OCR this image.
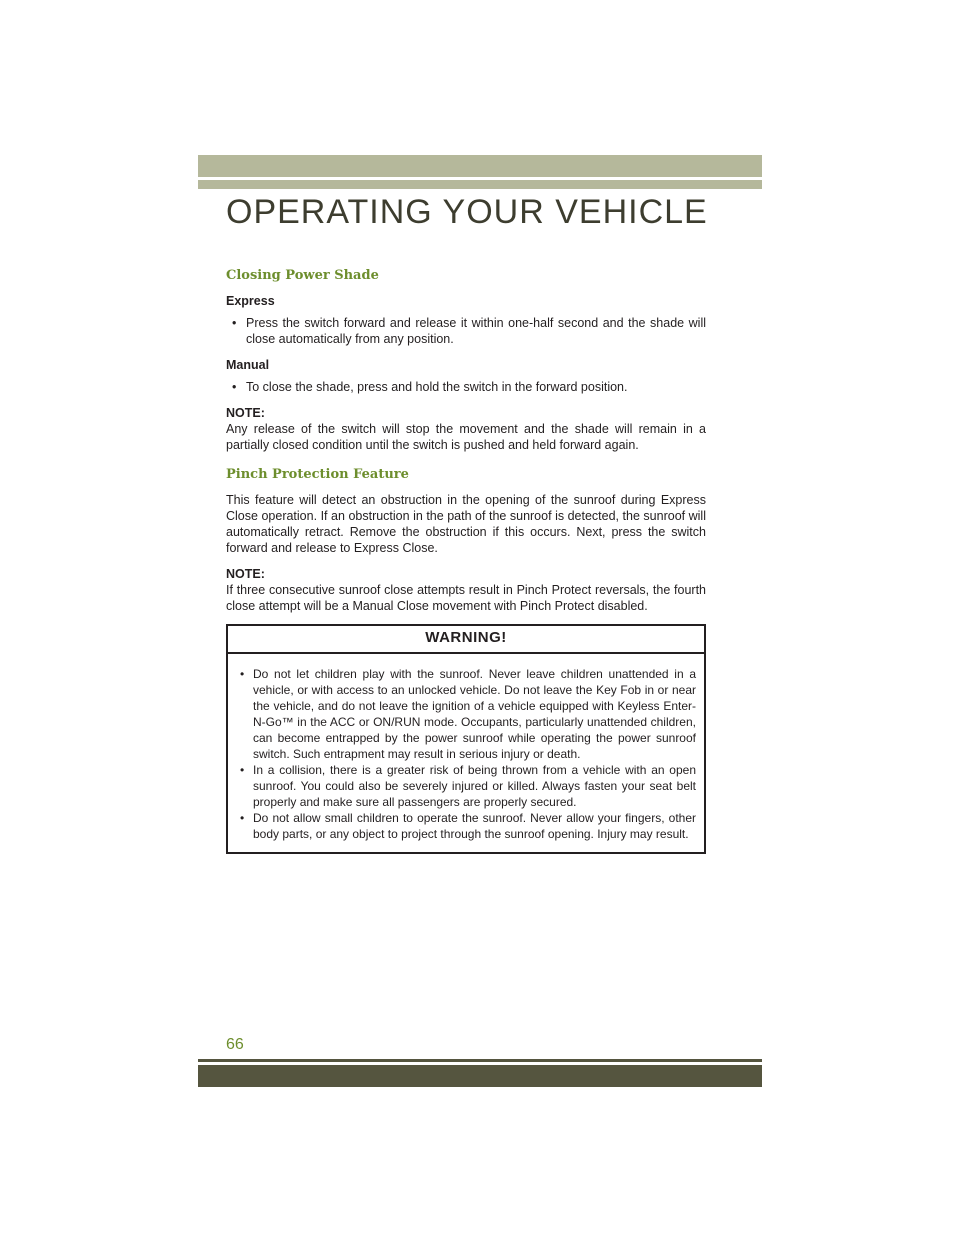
OPERATING YOUR VEHICLE
Closing Power Shade

Express

• Press the switch forward and release it within one-half second and the shade will close automatically from any position.

Manual

• To close the shade, press and hold the switch in the forward position.

NOTE:

Any release of the switch will stop the movement and the shade will remain in a partially closed condition until the switch is pushed and held forward again.

Pinch Protection Feature

This feature will detect an obstruction in the opening of the sunroof during Express Close operation. If an obstruction in the path of the sunroof is detected, the sunroof will automatically retract. Remove the obstruction if this occurs. Next, press the switch forward and release to Express Close.

NOTE:

If three consecutive sunroof close attempts result in Pinch Protect reversals, the fourth close attempt will be a Manual Close movement with Pinch Protect disabled.

WARNING!

• Do not let children play with the sunroof. Never leave children unattended in a vehicle, or with access to an unlocked vehicle. Do not leave the Key Fob in or near the vehicle, and do not leave the ignition of a vehicle equipped with Keyless Enter-N-Go™ in the ACC or ON/RUN mode. Occupants, particularly unattended children, can become entrapped by the power sunroof while operating the power sunroof switch. Such entrapment may result in serious injury or death.
• In a collision, there is a greater risk of being thrown from a vehicle with an open sunroof. You could also be severely injured or killed. Always fasten your seat belt properly and make sure all passengers are properly secured.
• Do not allow small children to operate the sunroof. Never allow your fingers, other body parts, or any object to project through the sunroof opening. Injury may result.

66
